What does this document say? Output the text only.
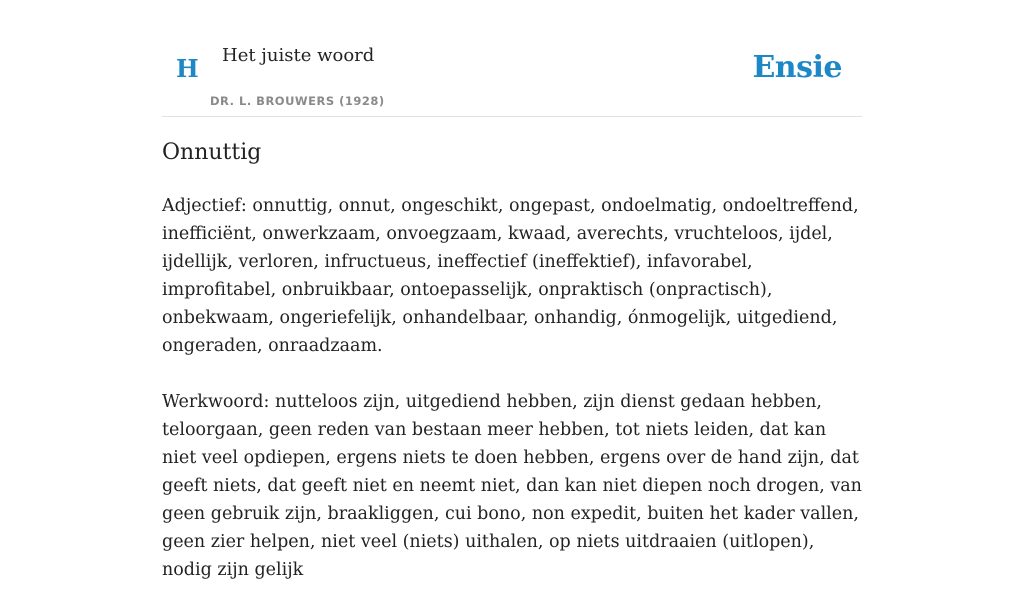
H Het juiste woord
DR. L. BROUWERS (1928)
Ensie
Onnuttig

Adjectief: onnuttig, onnut, ongeschikt, ongepast, ondoelmatig, ondoeltreffend, inefficiënt, onwerkzaam, onvoegzaam, kwaad, averechts, vruchteloos, ijdel, ijdellijk, verloren, infructueus, ineffectief (ineffektief), infavorabel, improfitabel, onbruikbaar, ontoepasselijk, onpraktisch (onpractisch), onbekwaam, ongeriefelijk, onhandelbaar, onhandig, ónmogelijk, uitgediend, ongeraden, onraadzaam.

Werkwoord: nutteloos zijn, uitgediend hebben, zijn dienst gedaan hebben, teloorgaan, geen reden van bestaan meer hebben, tot niets leiden, dat kan niet veel opdiepen, ergens niets te doen hebben, ergens over de hand zijn, dat geeft niets, dat geeft niet en neemt niet, dan kan niet diepen noch drogen, van geen gebruik zijn, braakliggen, cui bono, non expedit, buiten het kader vallen, geen zier helpen, niet veel (niets) uithalen, op niets uitdraaien (uitlopen), nodig zijn gelijk
